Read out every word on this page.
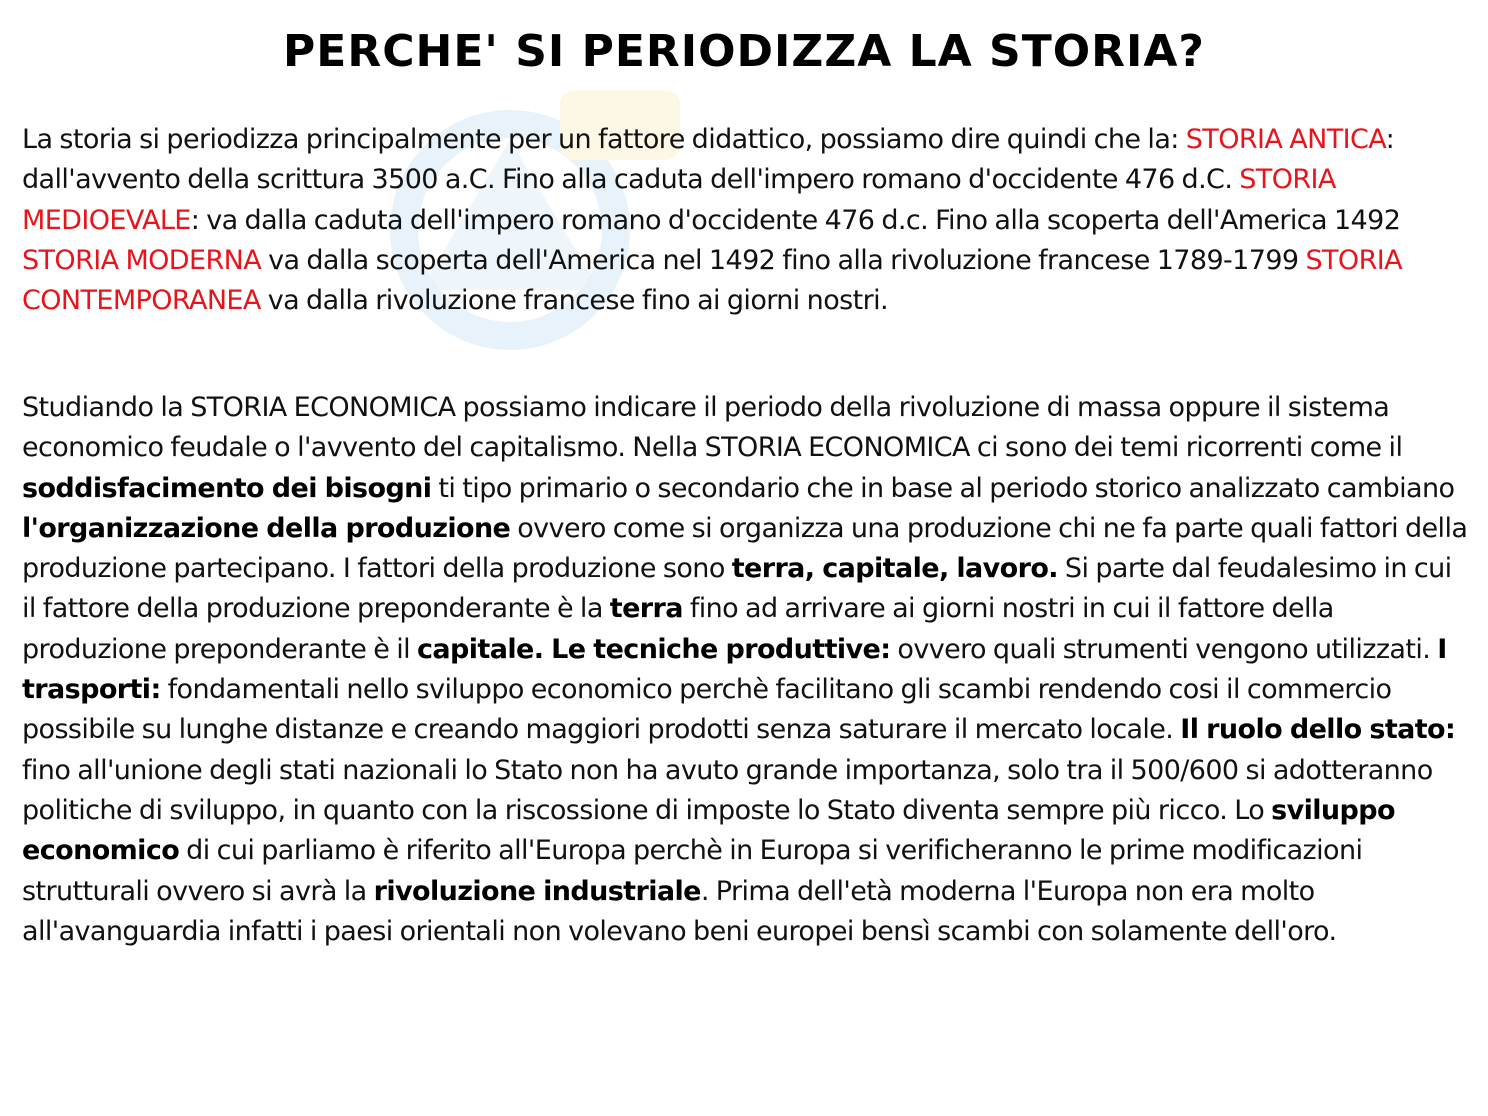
PERCHE' SI PERIODIZZA LA STORIA?

La storia si periodizza principalmente per un fattore didattico, possiamo dire quindi che la: STORIA ANTICA: dall'avvento della scrittura 3500 a.C. Fino alla caduta dell'impero romano d'occidente 476 d.C. STORIA MEDIOEVALE: va dalla caduta dell'impero romano d'occidente 476 d.c. Fino alla scoperta dell'America 1492 STORIA MODERNA va dalla scoperta dell'America nel 1492 fino alla rivoluzione francese 1789-1799 STORIA CONTEMPORANEA va dalla rivoluzione francese fino ai giorni nostri.

Studiando la STORIA ECONOMICA possiamo indicare il periodo della rivoluzione di massa oppure il sistema economico feudale o l'avvento del capitalismo. Nella STORIA ECONOMICA ci sono dei temi ricorrenti come il soddisfacimento dei bisogni ti tipo primario o secondario che in base al periodo storico analizzato cambiano l'organizzazione della produzione ovvero come si organizza una produzione chi ne fa parte quali fattori della produzione partecipano. I fattori della produzione sono terra, capitale, lavoro. Si parte dal feudalesimo in cui il fattore della produzione preponderante è la terra fino ad arrivare ai giorni nostri in cui il fattore della produzione preponderante è il capitale. Le tecniche produttive: ovvero quali strumenti vengono utilizzati. I trasporti: fondamentali nello sviluppo economico perchè facilitano gli scambi rendendo cosi il commercio possibile su lunghe distanze e creando maggiori prodotti senza saturare il mercato locale. Il ruolo dello stato: fino all'unione degli stati nazionali lo Stato non ha avuto grande importanza, solo tra il 500/600 si adotteranno politiche di sviluppo, in quanto con la riscossione di imposte lo Stato diventa sempre più ricco. Lo sviluppo economico di cui parliamo è riferito all'Europa perchè in Europa si verificheranno le prime modificazioni strutturali ovvero si avrà la rivoluzione industriale. Prima dell'età moderna l'Europa non era molto all'avanguardia infatti i paesi orientali non volevano beni europei bensì scambi con solamente dell'oro.
